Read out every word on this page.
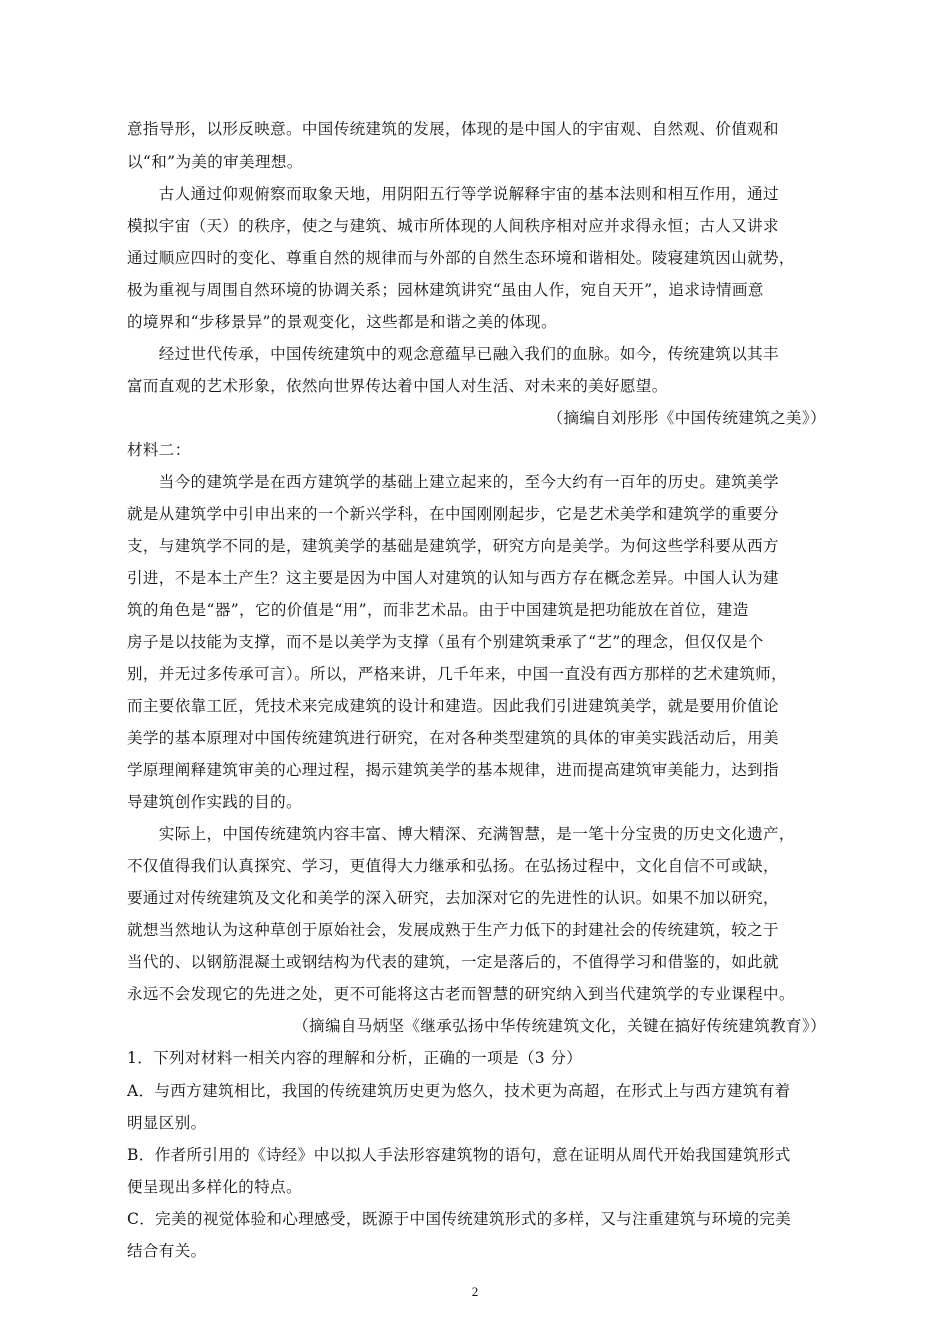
意指导形，以形反映意。中国传统建筑的发展，体现的是中国人的宇宙观、自然观、价值观和
以“和”为美的审美理想。
　　古人通过仰观俯察而取象天地，用阴阳五行等学说解释宇宙的基本法则和相互作用，通过
模拟宇宙（天）的秩序，使之与建筑、城市所体现的人间秩序相对应并求得永恒；古人又讲求
通过顺应四时的变化、尊重自然的规律而与外部的自然生态环境和谐相处。陵寝建筑因山就势，
极为重视与周围自然环境的协调关系；园林建筑讲究“虽由人作，宛自天开”，追求诗情画意
的境界和“步移景异”的景观变化，这些都是和谐之美的体现。
　　经过世代传承，中国传统建筑中的观念意蕴早已融入我们的血脉。如今，传统建筑以其丰
富而直观的艺术形象，依然向世界传达着中国人对生活、对未来的美好愿望。
（摘编自刘彤彤《中国传统建筑之美》）
材料二：
　　当今的建筑学是在西方建筑学的基础上建立起来的，至今大约有一百年的历史。建筑美学
就是从建筑学中引申出来的一个新兴学科，在中国刚刚起步，它是艺术美学和建筑学的重要分
支，与建筑学不同的是，建筑美学的基础是建筑学，研究方向是美学。为何这些学科要从西方
引进，不是本土产生？这主要是因为中国人对建筑的认知与西方存在概念差异。中国人认为建
筑的角色是“器”，它的价值是“用”，而非艺术品。由于中国建筑是把功能放在首位，建造
房子是以技能为支撑，而不是以美学为支撑（虽有个别建筑秉承了“艺”的理念，但仅仅是个
别，并无过多传承可言）。所以，严格来讲，几千年来，中国一直没有西方那样的艺术建筑师，
而主要依靠工匠，凭技术来完成建筑的设计和建造。因此我们引进建筑美学，就是要用价值论
美学的基本原理对中国传统建筑进行研究，在对各种类型建筑的具体的审美实践活动后，用美
学原理阐释建筑审美的心理过程，揭示建筑美学的基本规律，进而提高建筑审美能力，达到指
导建筑创作实践的目的。
　　实际上，中国传统建筑内容丰富、博大精深、充满智慧，是一笔十分宝贵的历史文化遗产，
不仅值得我们认真探究、学习，更值得大力继承和弘扬。在弘扬过程中，文化自信不可或缺，
要通过对传统建筑及文化和美学的深入研究，去加深对它的先进性的认识。如果不加以研究，
就想当然地认为这种草创于原始社会，发展成熟于生产力低下的封建社会的传统建筑，较之于
当代的、以钢筋混凝土或钢结构为代表的建筑，一定是落后的，不值得学习和借鉴的，如此就
永远不会发现它的先进之处，更不可能将这古老而智慧的研究纳入到当代建筑学的专业课程中。
（摘编自马炳坚《继承弘扬中华传统建筑文化，关键在搞好传统建筑教育》）
1．下列对材料一相关内容的理解和分析，正确的一项是（3 分）
A．与西方建筑相比，我国的传统建筑历史更为悠久，技术更为高超，在形式上与西方建筑有着
明显区别。
B．作者所引用的《诗经》中以拟人手法形容建筑物的语句，意在证明从周代开始我国建筑形式
便呈现出多样化的特点。
C．完美的视觉体验和心理感受，既源于中国传统建筑形式的多样，又与注重建筑与环境的完美
结合有关。
2
